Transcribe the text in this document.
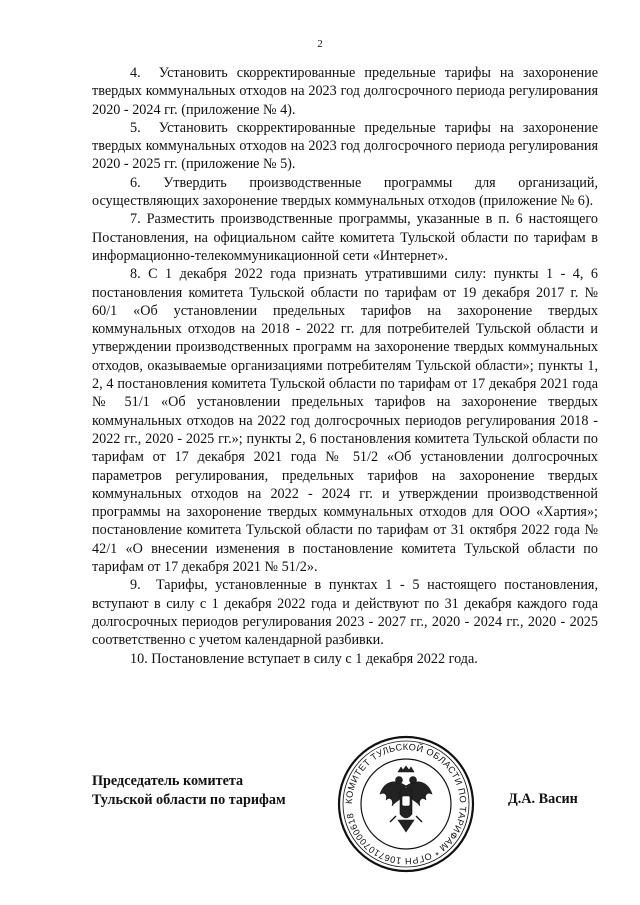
2

4.  Установить скорректированные предельные тарифы на захоронение твердых коммунальных отходов на 2023 год долгосрочного периода регулирования 2020 - 2024 гг. (приложение № 4).

5.  Установить скорректированные предельные тарифы на захоронение твердых коммунальных отходов на 2023 год долгосрочного периода регулирования 2020 - 2025 гг. (приложение № 5).

6. Утвердить производственные программы для организаций, осуществляющих захоронение твердых коммунальных отходов (приложение № 6).

7. Разместить производственные программы, указанные в п. 6 настоящего Постановления, на официальном сайте комитета Тульской области по тарифам в информационно-телекоммуникационной сети «Интернет».

8. С 1 декабря 2022 года признать утратившими силу: пункты 1 - 4, 6 постановления комитета Тульской области по тарифам от 19 декабря 2017 г. № 60/1 «Об установлении предельных тарифов на захоронение твердых коммунальных отходов на 2018 - 2022 гг. для потребителей Тульской области и утверждении производственных программ на захоронение твердых коммунальных отходов, оказываемые организациями потребителям Тульской области»; пункты 1, 2, 4 постановления комитета Тульской области по тарифам от 17 декабря 2021 года № 51/1 «Об установлении предельных тарифов на захоронение твердых коммунальных отходов на 2022 год долгосрочных периодов регулирования 2018 - 2022 гг., 2020 - 2025 гг.»; пункты 2, 6 постановления комитета Тульской области по тарифам от 17 декабря 2021 года № 51/2 «Об установлении долгосрочных параметров регулирования, предельных тарифов на захоронение твердых коммунальных отходов на 2022 - 2024 гг. и утверждении производственной программы на захоронение твердых коммунальных отходов для ООО «Хартия»; постановление комитета Тульской области по тарифам от 31 октября 2022 года № 42/1 «О внесении изменения в постановление комитета Тульской области по тарифам от 17 декабря 2021 № 51/2».

9.  Тарифы, установленные в пунктах 1 - 5 настоящего постановления, вступают в силу с 1 декабря 2022 года и действуют по 31 декабря каждого года долгосрочных периодов регулирования 2023 - 2027 гг., 2020 - 2024 гг., 2020 - 2025 соответственно с учетом календарной разбивки.

10. Постановление вступает в силу с 1 декабря 2022 года.

Председатель комитета
Тульской области по тарифам	Д.А. Васин
КОМИТЕТ ТУЛЬСКОЙ ОБЛАСТИ ПО ТАРИФАМ * ОГРН 1067107000618
